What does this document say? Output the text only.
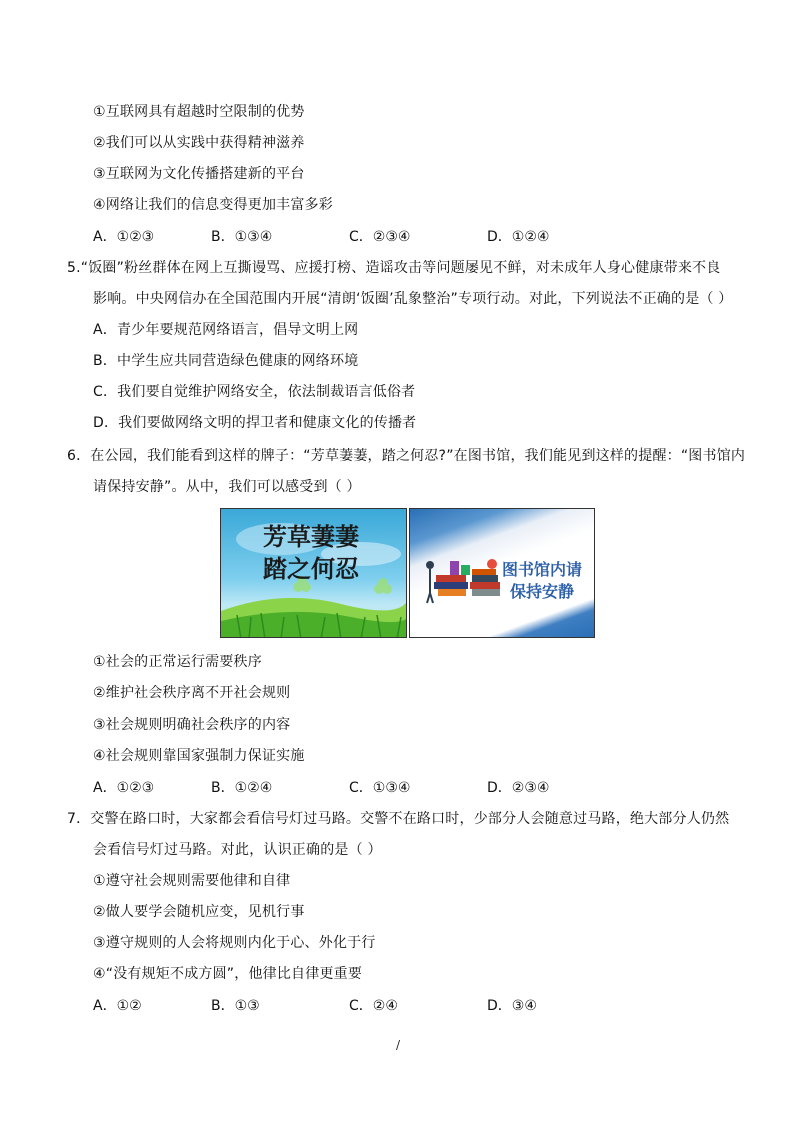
①互联网具有超越时空限制的优势
②我们可以从实践中获得精神滋养
③互联网为文化传播搭建新的平台
④网络让我们的信息变得更加丰富多彩
A．①②③	B．①③④	C．②③④	D．①②④
5.“饭圈”粉丝群体在网上互撕谩骂、应援打榜、造谣攻击等问题屡见不鲜，对未成年人身心健康带来不良
影响。中央网信办在全国范围内开展“清朗‘饭圈’乱象整治”专项行动。对此，下列说法不正确的是（ ）
A．青少年要规范网络语言，倡导文明上网
B．中学生应共同营造绿色健康的网络环境
C．我们要自觉维护网络安全，依法制裁语言低俗者
D．我们要做网络文明的捍卫者和健康文化的传播者
6．在公园，我们能看到这样的牌子：“芳草萋萋，踏之何忍?”在图书馆，我们能见到这样的提醒：“图书馆内
请保持安静”。从中，我们可以感受到（ ）
芳草萋萋
踏之何忍	图书馆内请
保持安静
①社会的正常运行需要秩序
②维护社会秩序离不开社会规则
③社会规则明确社会秩序的内容
④社会规则靠国家强制力保证实施
A．①②③	B．①②④	C．①③④	D．②③④
7．交警在路口时，大家都会看信号灯过马路。交警不在路口时，少部分人会随意过马路，绝大部分人仍然
会看信号灯过马路。对此，认识正确的是（ ）
①遵守社会规则需要他律和自律
②做人要学会随机应变，见机行事
③遵守规则的人会将规则内化于心、外化于行
④“没有规矩不成方圆”，他律比自律更重要
A．①②	B．①③	C．②④	D．③④
/
